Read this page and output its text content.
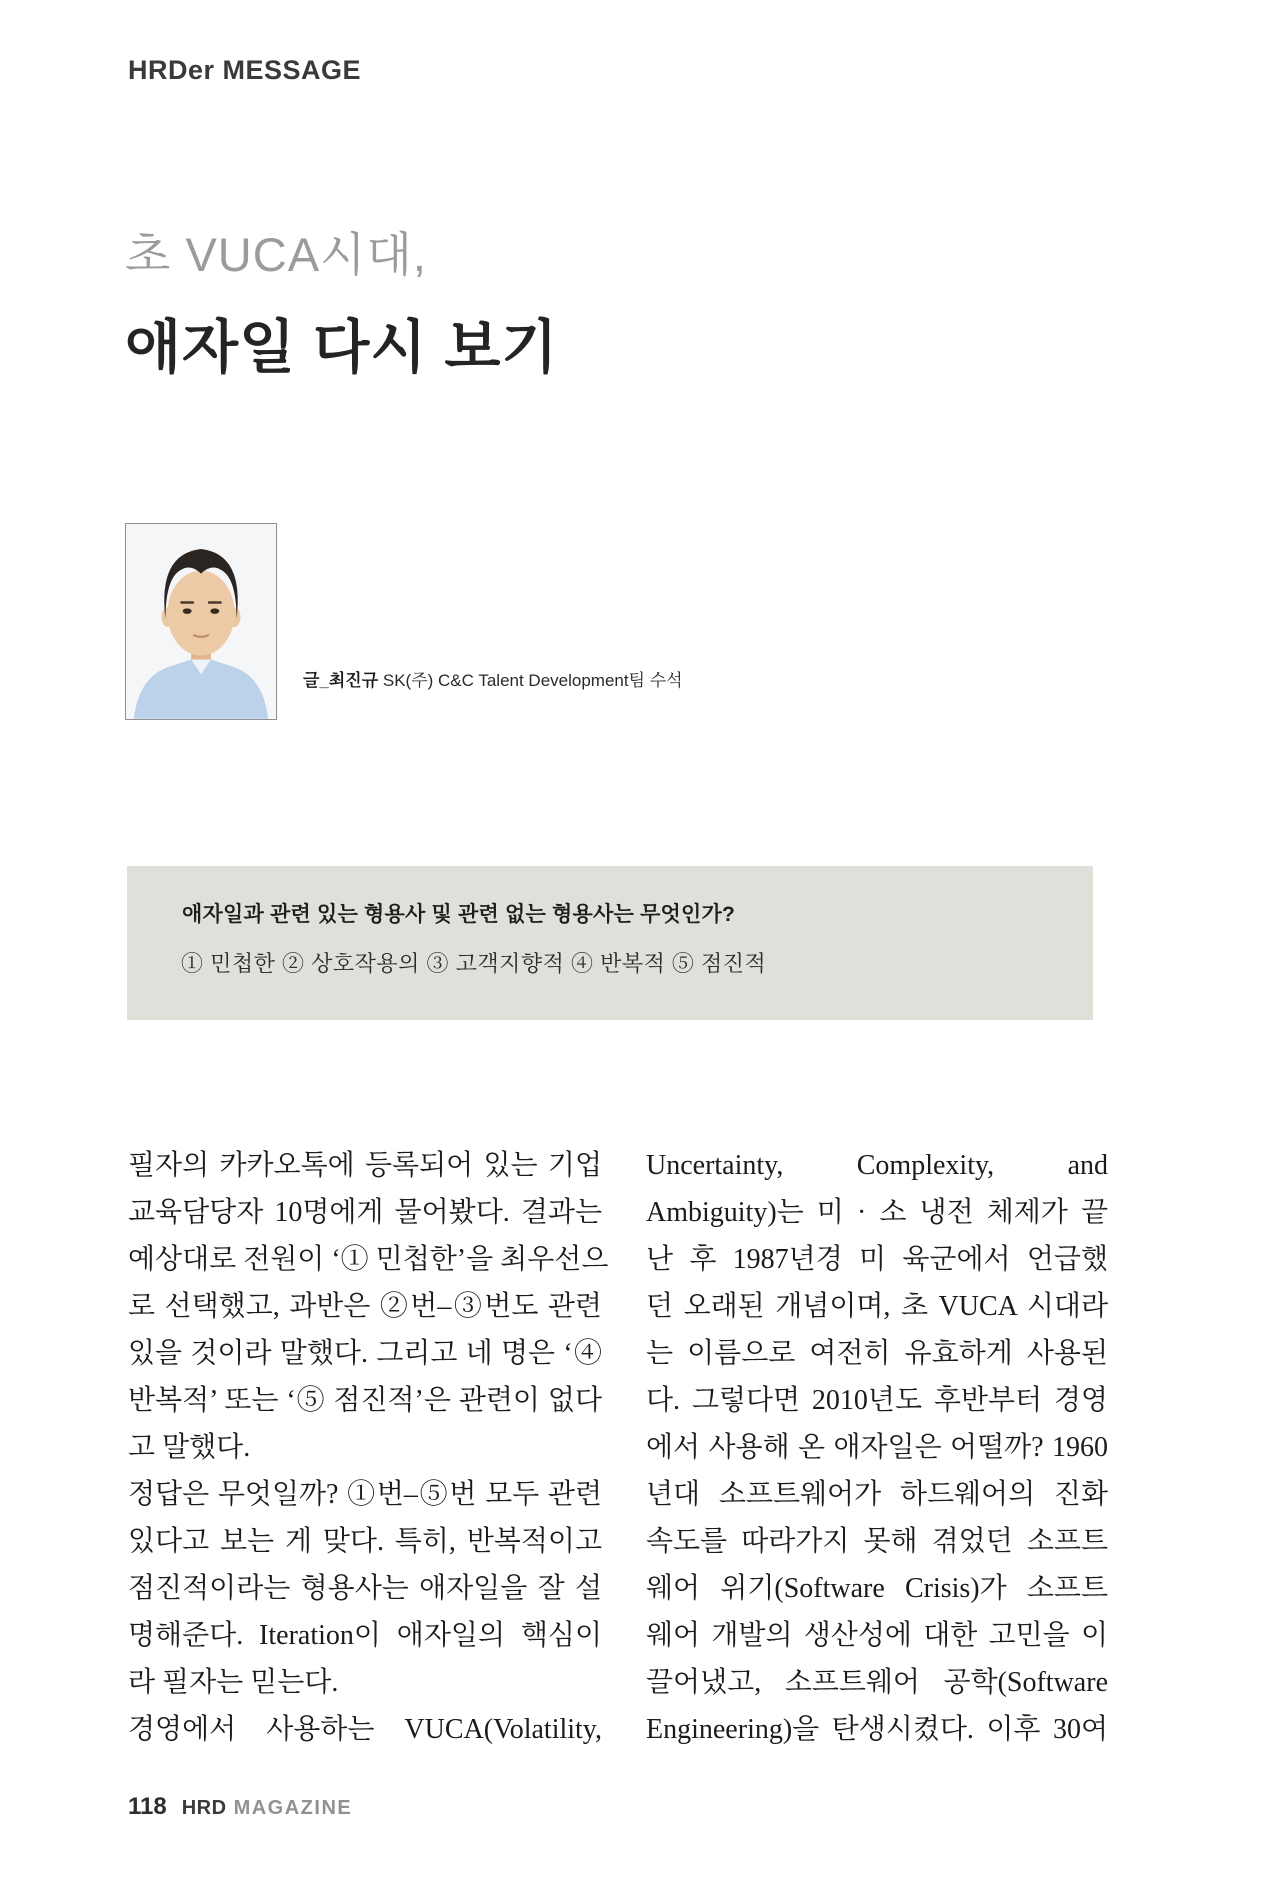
HRDer MESSAGE
초 VUCA시대,
애자일 다시 보기
글_최진규 SK(주) C&C Talent Development팀 수석
애자일과 관련 있는 형용사 및 관련 없는 형용사는 무엇인가?
① 민첩한 ② 상호작용의 ③ 고객지향적 ④ 반복적 ⑤ 점진적
필자의 카카오톡에 등록되어 있는 기업
교육담당자 10명에게 물어봤다. 결과는
예상대로 전원이 ‘① 민첩한’을 최우선으
로 선택했고, 과반은 ②번–③번도 관련
있을 것이라 말했다. 그리고 네 명은 ‘④
반복적’ 또는 ‘⑤ 점진적’은 관련이 없다
고 말했다.
정답은 무엇일까? ①번–⑤번 모두 관련
있다고 보는 게 맞다. 특히, 반복적이고
점진적이라는 형용사는 애자일을 잘 설
명해준다. Iteration이 애자일의 핵심이
라 필자는 믿는다.
경영에서 사용하는 VUCA(Volatility,
Uncertainty, Complexity, and
Ambiguity)는 미 · 소 냉전 체제가 끝
난 후 1987년경 미 육군에서 언급했
던 오래된 개념이며, 초 VUCA 시대라
는 이름으로 여전히 유효하게 사용된
다. 그렇다면 2010년도 후반부터 경영
에서 사용해 온 애자일은 어떨까? 1960
년대 소프트웨어가 하드웨어의 진화
속도를 따라가지 못해 겪었던 소프트
웨어 위기(Software Crisis)가 소프트
웨어 개발의 생산성에 대한 고민을 이
끌어냈고, 소프트웨어 공학(Software
Engineering)을 탄생시켰다. 이후 30여
118 HRD MAGAZINE
